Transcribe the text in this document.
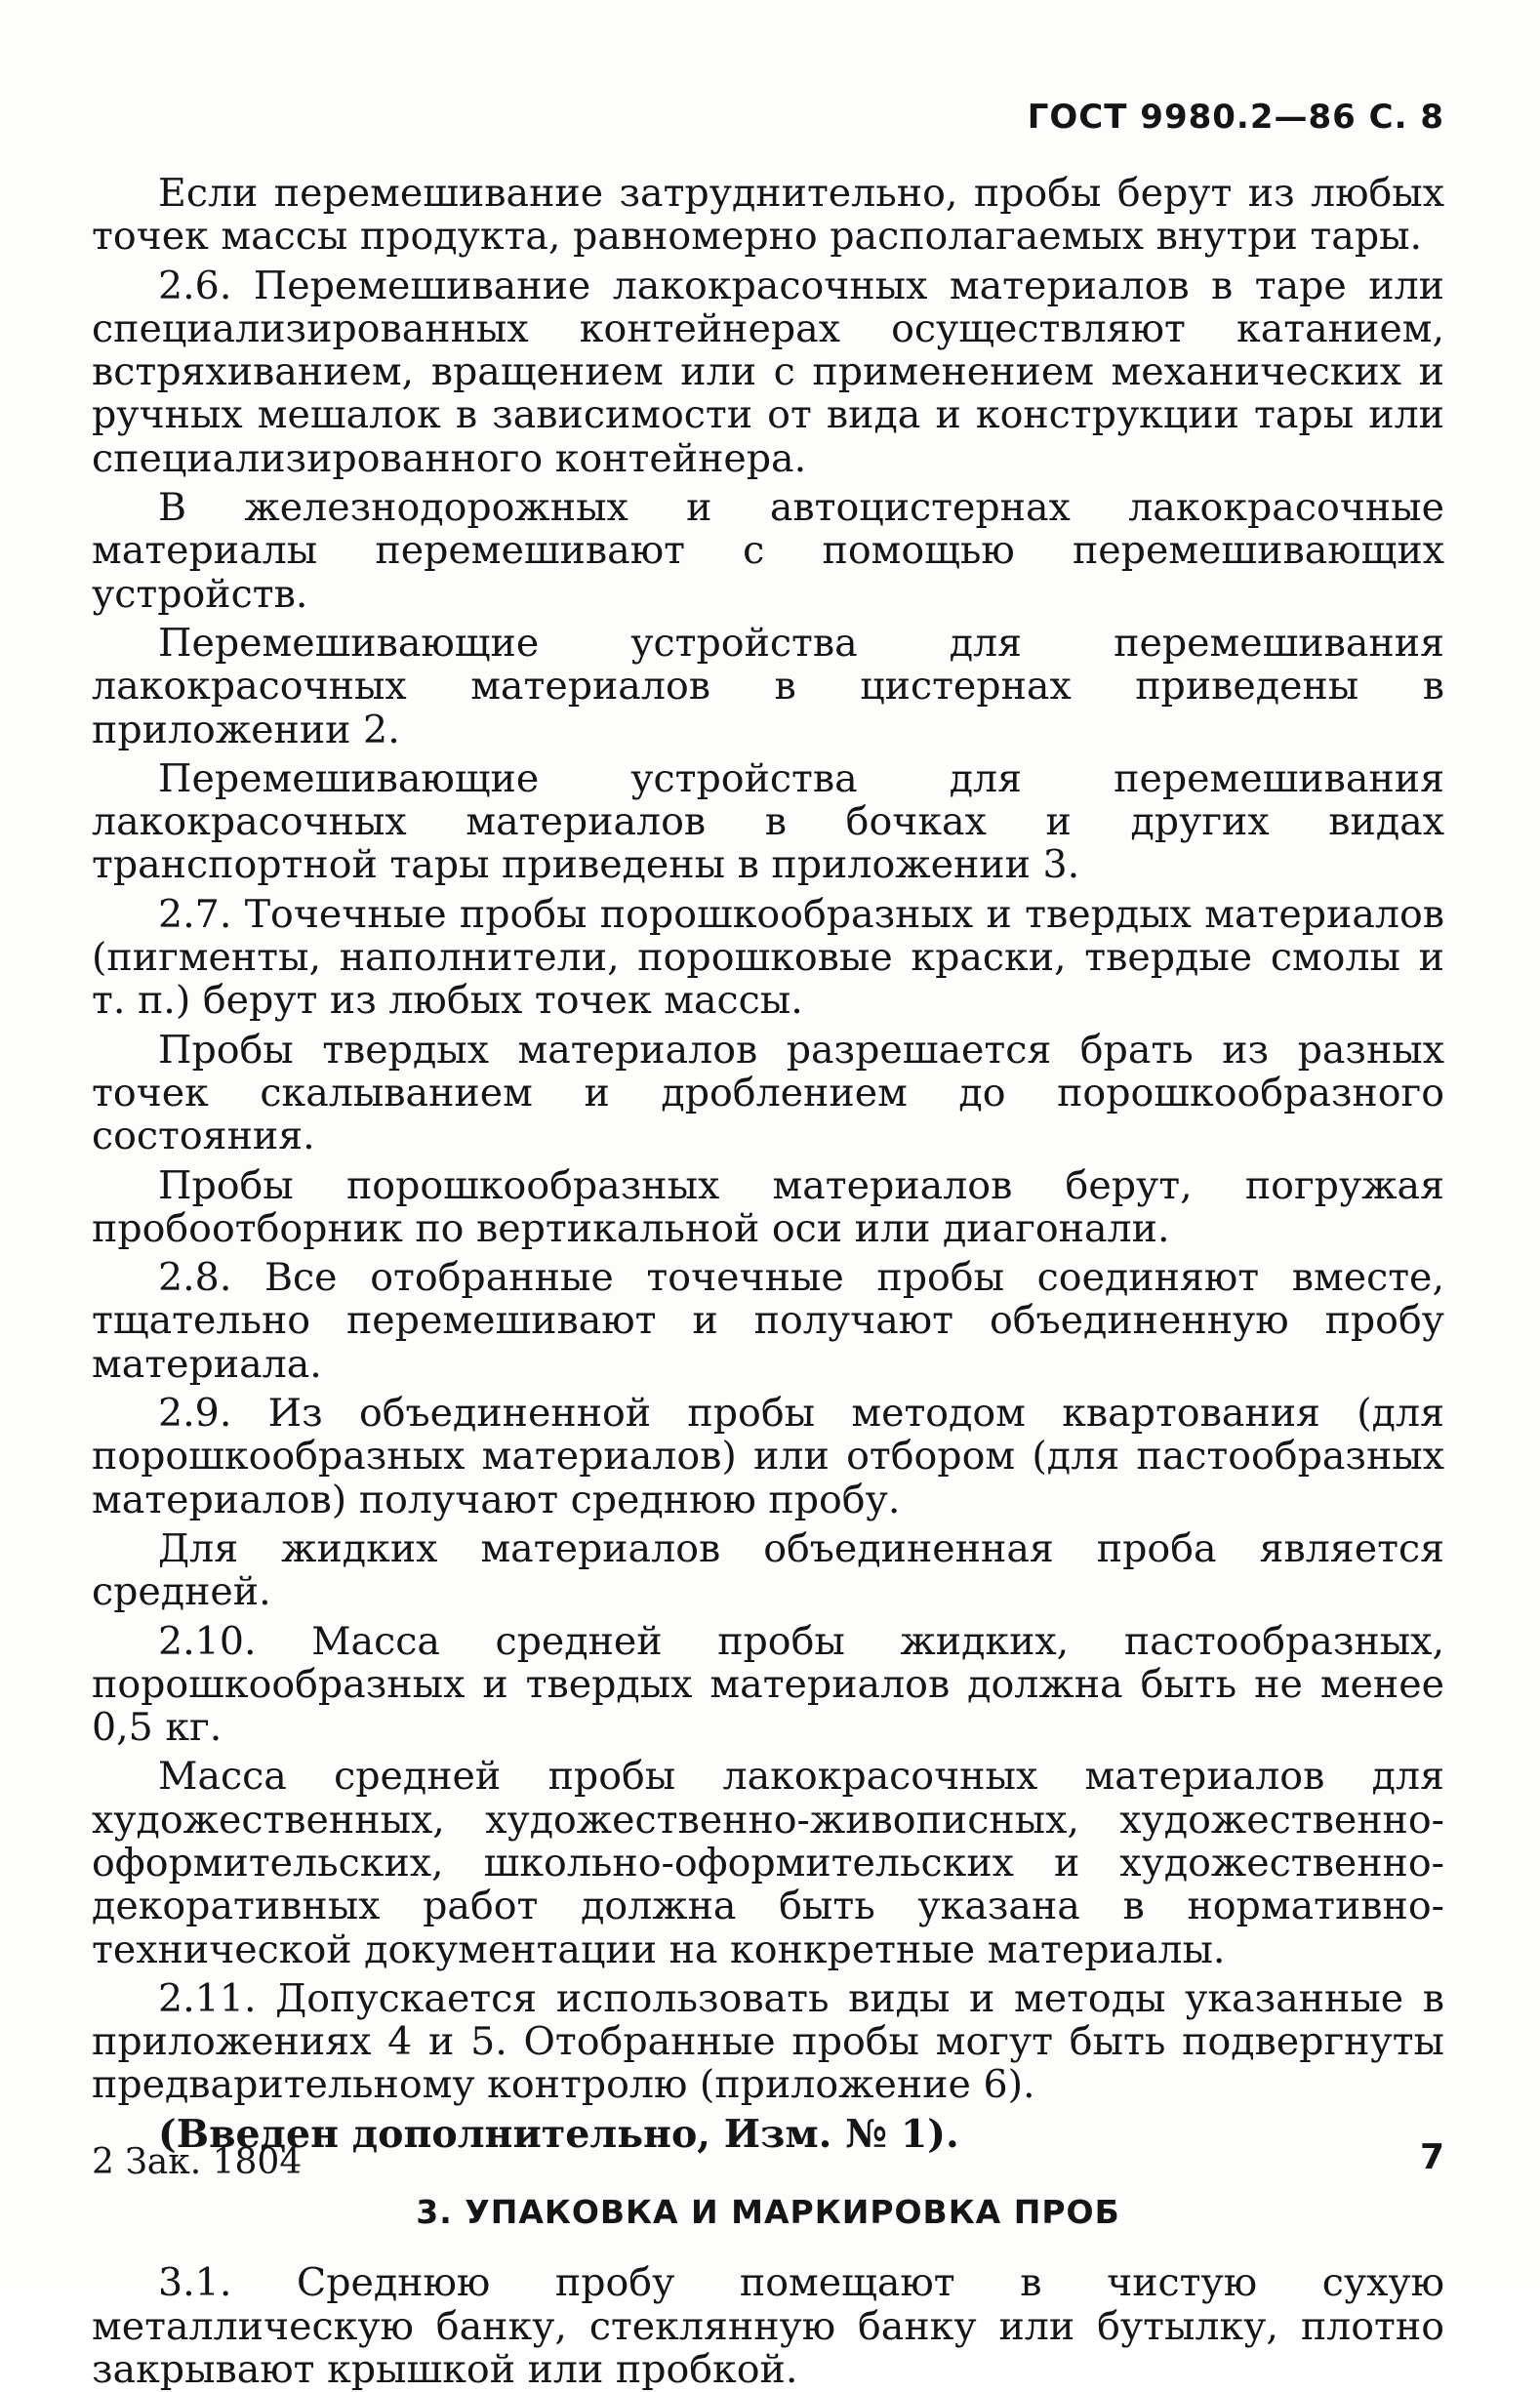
ГОСТ 9980.2—86 С. 8

Если перемешивание затруднительно, пробы берут из любых точек массы продукта, равномерно располагаемых внутри тары.

2.6. Перемешивание лакокрасочных материалов в таре или специализированных контейнерах осуществляют катанием, встряхиванием, вращением или с применением механических и ручных мешалок в зависимости от вида и конструкции тары или специализированного контейнера.

В железнодорожных и автоцистернах лакокрасочные материалы перемешивают с помощью перемешивающих устройств.

Перемешивающие устройства для перемешивания лакокрасочных материалов в цистернах приведены в приложении 2.

Перемешивающие устройства для перемешивания лакокрасочных материалов в бочках и других видах транспортной тары приведены в приложении 3.

2.7. Точечные пробы порошкообразных и твердых материалов (пигменты, наполнители, порошковые краски, твердые смолы и т. п.) берут из любых точек массы.

Пробы твердых материалов разрешается брать из разных точек скалыванием и дроблением до порошкообразного состояния.

Пробы порошкообразных материалов берут, погружая пробоотборник по вертикальной оси или диагонали.

2.8. Все отобранные точечные пробы соединяют вместе, тщательно перемешивают и получают объединенную пробу материала.

2.9. Из объединенной пробы методом квартования (для порошкообразных материалов) или отбором (для пастообразных материалов) получают среднюю пробу.

Для жидких материалов объединенная проба является средней.

2.10. Масса средней пробы жидких, пастообразных, порошкообразных и твердых материалов должна быть не менее 0,5 кг.

Масса средней пробы лакокрасочных материалов для художественных, художественно-живописных, художественно-оформительских, школьно-оформительских и художественно-декоративных работ должна быть указана в нормативно-технической документации на конкретные материалы.

2.11. Допускается использовать виды и методы указанные в приложениях 4 и 5. Отобранные пробы могут быть подвергнуты предварительному контролю (приложение 6).

(Введен дополнительно, Изм. № 1).

3. УПАКОВКА И МАРКИРОВКА ПРОБ

3.1. Среднюю пробу помещают в чистую сухую металлическую банку, стеклянную банку или бутылку, плотно закрывают крышкой или пробкой.

2 Зак. 1804	7
